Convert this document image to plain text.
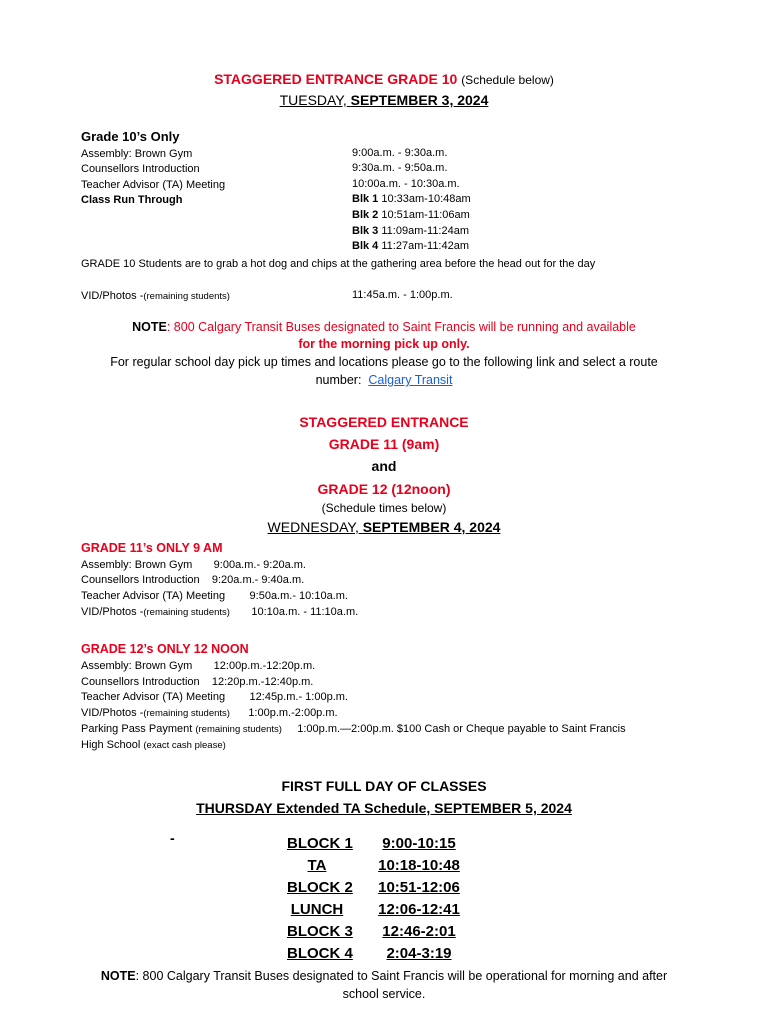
STAGGERED ENTRANCE GRADE 10 (Schedule below)
TUESDAY, SEPTEMBER 3, 2024
Grade 10’s Only
Assembly: Brown Gym	9:00a.m. - 9:30a.m.
Counsellors Introduction	9:30a.m. - 9:50a.m.
Teacher Advisor (TA) Meeting	10:00a.m. - 10:30a.m.
Class Run Through	Blk 1 10:33am-10:48am
Blk 2 10:51am-11:06am
Blk 3 11:09am-11:24am
Blk 4 11:27am-11:42am
GRADE 10 Students are to grab a hot dog and chips at the gathering area before the head out for the day
VID/Photos -(remaining students)	11:45a.m. - 1:00p.m.
NOTE: 800 Calgary Transit Buses designated to Saint Francis will be running and available
for the morning pick up only.
For regular school day pick up times and locations please go to the following link and select a route
number: Calgary Transit
STAGGERED ENTRANCE
GRADE 11 (9am)
and
GRADE 12 (12noon)
(Schedule times below)
WEDNESDAY, SEPTEMBER 4, 2024
GRADE 11’s ONLY 9 AM
Assembly: Brown Gym 9:00a.m.- 9:20a.m.
Counsellors Introduction 9:20a.m.- 9:40a.m.
Teacher Advisor (TA) Meeting 9:50a.m.- 10:10a.m.
VID/Photos -(remaining students) 10:10a.m. - 11:10a.m.
GRADE 12’s ONLY 12 NOON
Assembly: Brown Gym 12:00p.m.-12:20p.m.
Counsellors Introduction 12:20p.m.-12:40p.m.
Teacher Advisor (TA) Meeting 12:45p.m.- 1:00p.m.
VID/Photos -(remaining students) 1:00p.m.-2:00p.m.
Parking Pass Payment (remaining students) 1:00p.m.—2:00p.m. $100 Cash or Cheque payable to Saint Francis
High School (exact cash please)
FIRST FULL DAY OF CLASSES
THURSDAY Extended TA Schedule, SEPTEMBER 5, 2024
-	BLOCK 1	9:00-10:15
TA	10:18-10:48
BLOCK 2 10:51-12:06
LUNCH 12:06-12:41
BLOCK 3	12:46-2:01
BLOCK 4	2:04-3:19
NOTE: 800 Calgary Transit Buses designated to Saint Francis will be operational for morning and after
school service.
